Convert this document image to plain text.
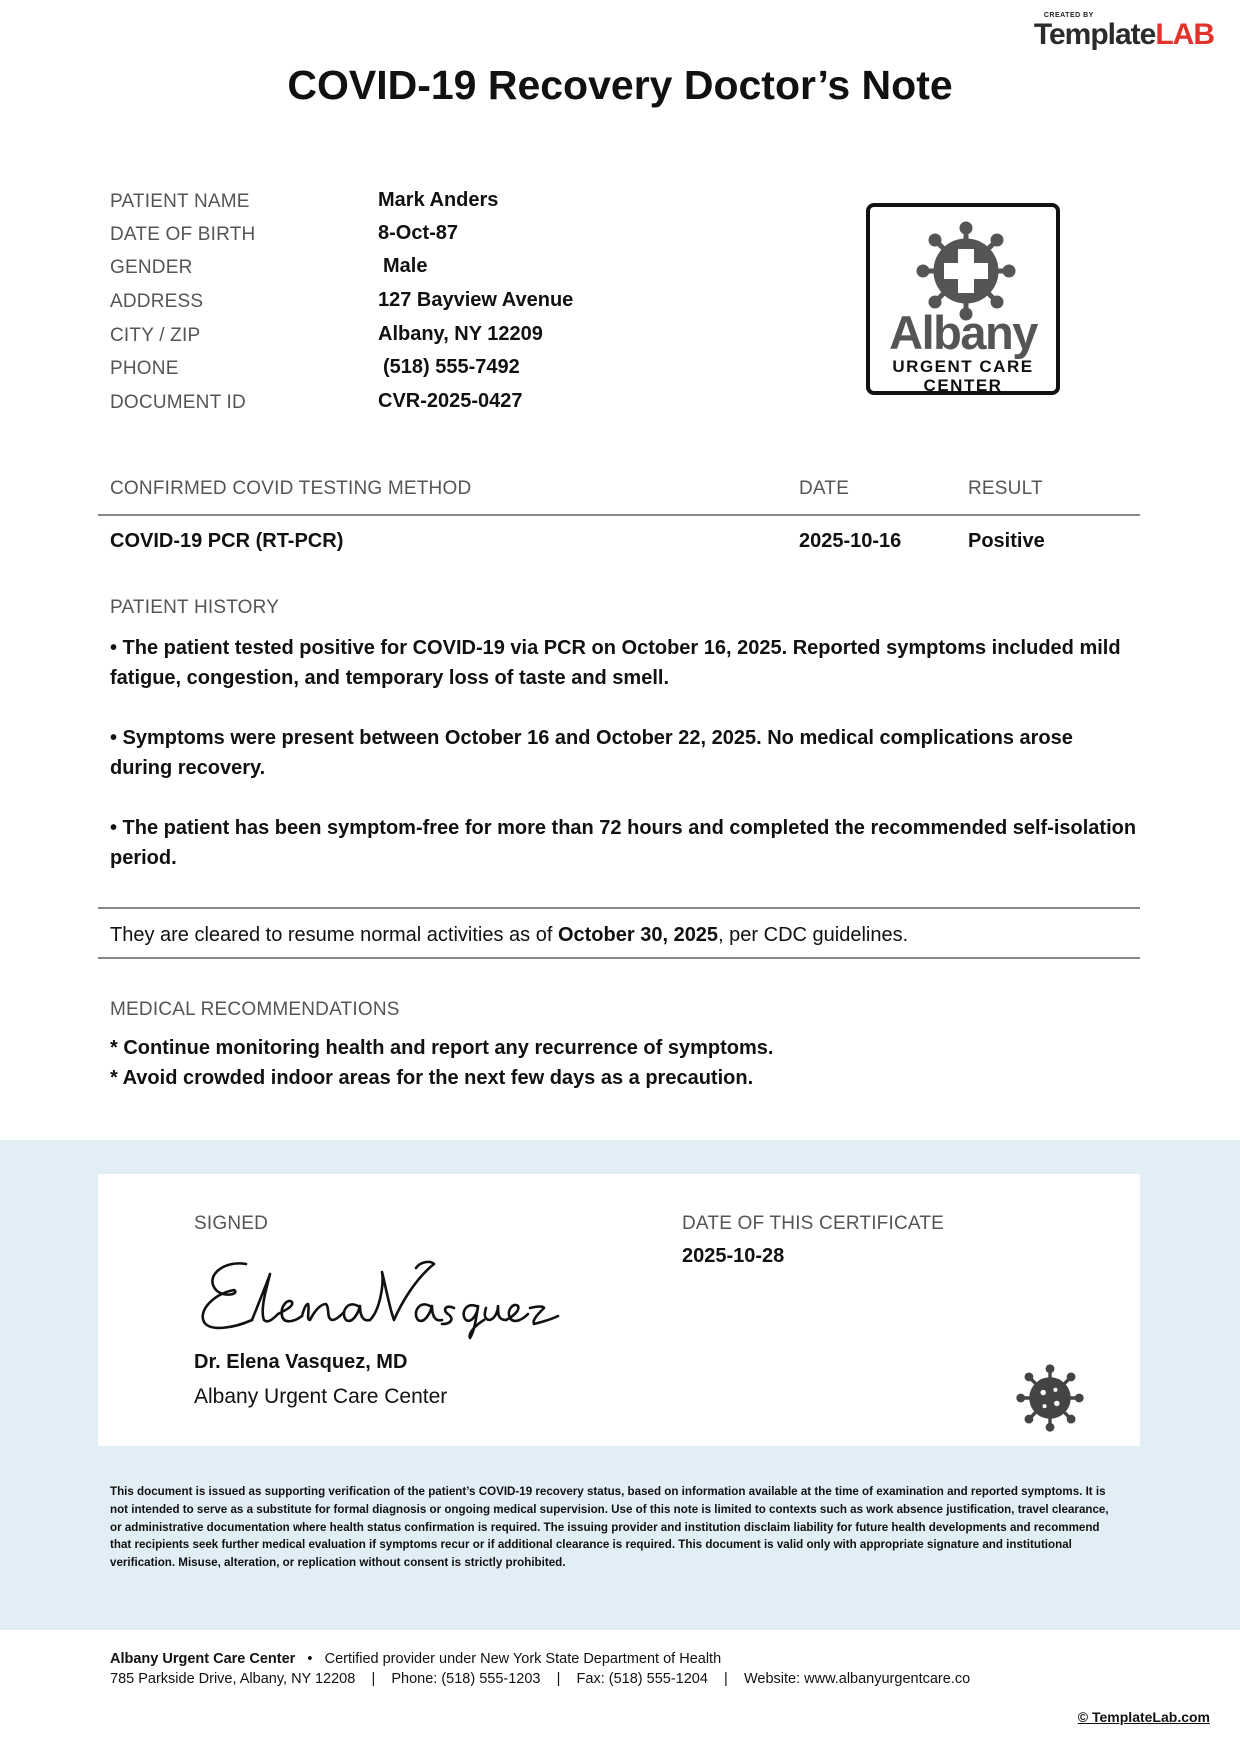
TemplateLAB
CREATED BY
COVID-19 Recovery Doctor’s Note
PATIENT NAME	Mark Anders
DATE OF BIRTH	8-Oct-87
GENDER	Male
ADDRESS	127 Bayview Avenue
CITY / ZIP	Albany, NY 12209
PHONE	(518) 555-7492
DOCUMENT ID	CVR-2025-0427
Albany
URGENT CARE
CENTER
CONFIRMED COVID TESTING METHOD	DATE	RESULT
COVID-19 PCR (RT-PCR)	2025-10-16	Positive
PATIENT HISTORY
• The patient tested positive for COVID-19 via PCR on October 16, 2025. Reported symptoms included mild fatigue, congestion, and temporary loss of taste and smell.
• Symptoms were present between October 16 and October 22, 2025. No medical complications arose during recovery.
• The patient has been symptom-free for more than 72 hours and completed the recommended self-isolation period.
They are cleared to resume normal activities as of October 30, 2025, per CDC guidelines.
MEDICAL RECOMMENDATIONS
* Continue monitoring health and report any recurrence of symptoms.
* Avoid crowded indoor areas for the next few days as a precaution.
SIGNED
Dr. Elena Vasquez, MD
Albany Urgent Care Center
DATE OF THIS CERTIFICATE
2025-10-28
This document is issued as supporting verification of the patient’s COVID-19 recovery status, based on information available at the time of examination and reported symptoms. It is not intended to serve as a substitute for formal diagnosis or ongoing medical supervision. Use of this note is limited to contexts such as work absence justification, travel clearance, or administrative documentation where health status confirmation is required. The issuing provider and institution disclaim liability for future health developments and recommend that recipients seek further medical evaluation if symptoms recur or if additional clearance is required. This document is valid only with appropriate signature and institutional verification. Misuse, alteration, or replication without consent is strictly prohibited.
Albany Urgent Care Center • Certified provider under New York State Department of Health
785 Parkside Drive, Albany, NY 12208 | Phone: (518) 555-1203 | Fax: (518) 555-1204 | Website: www.albanyurgentcare.co
© TemplateLab.com
